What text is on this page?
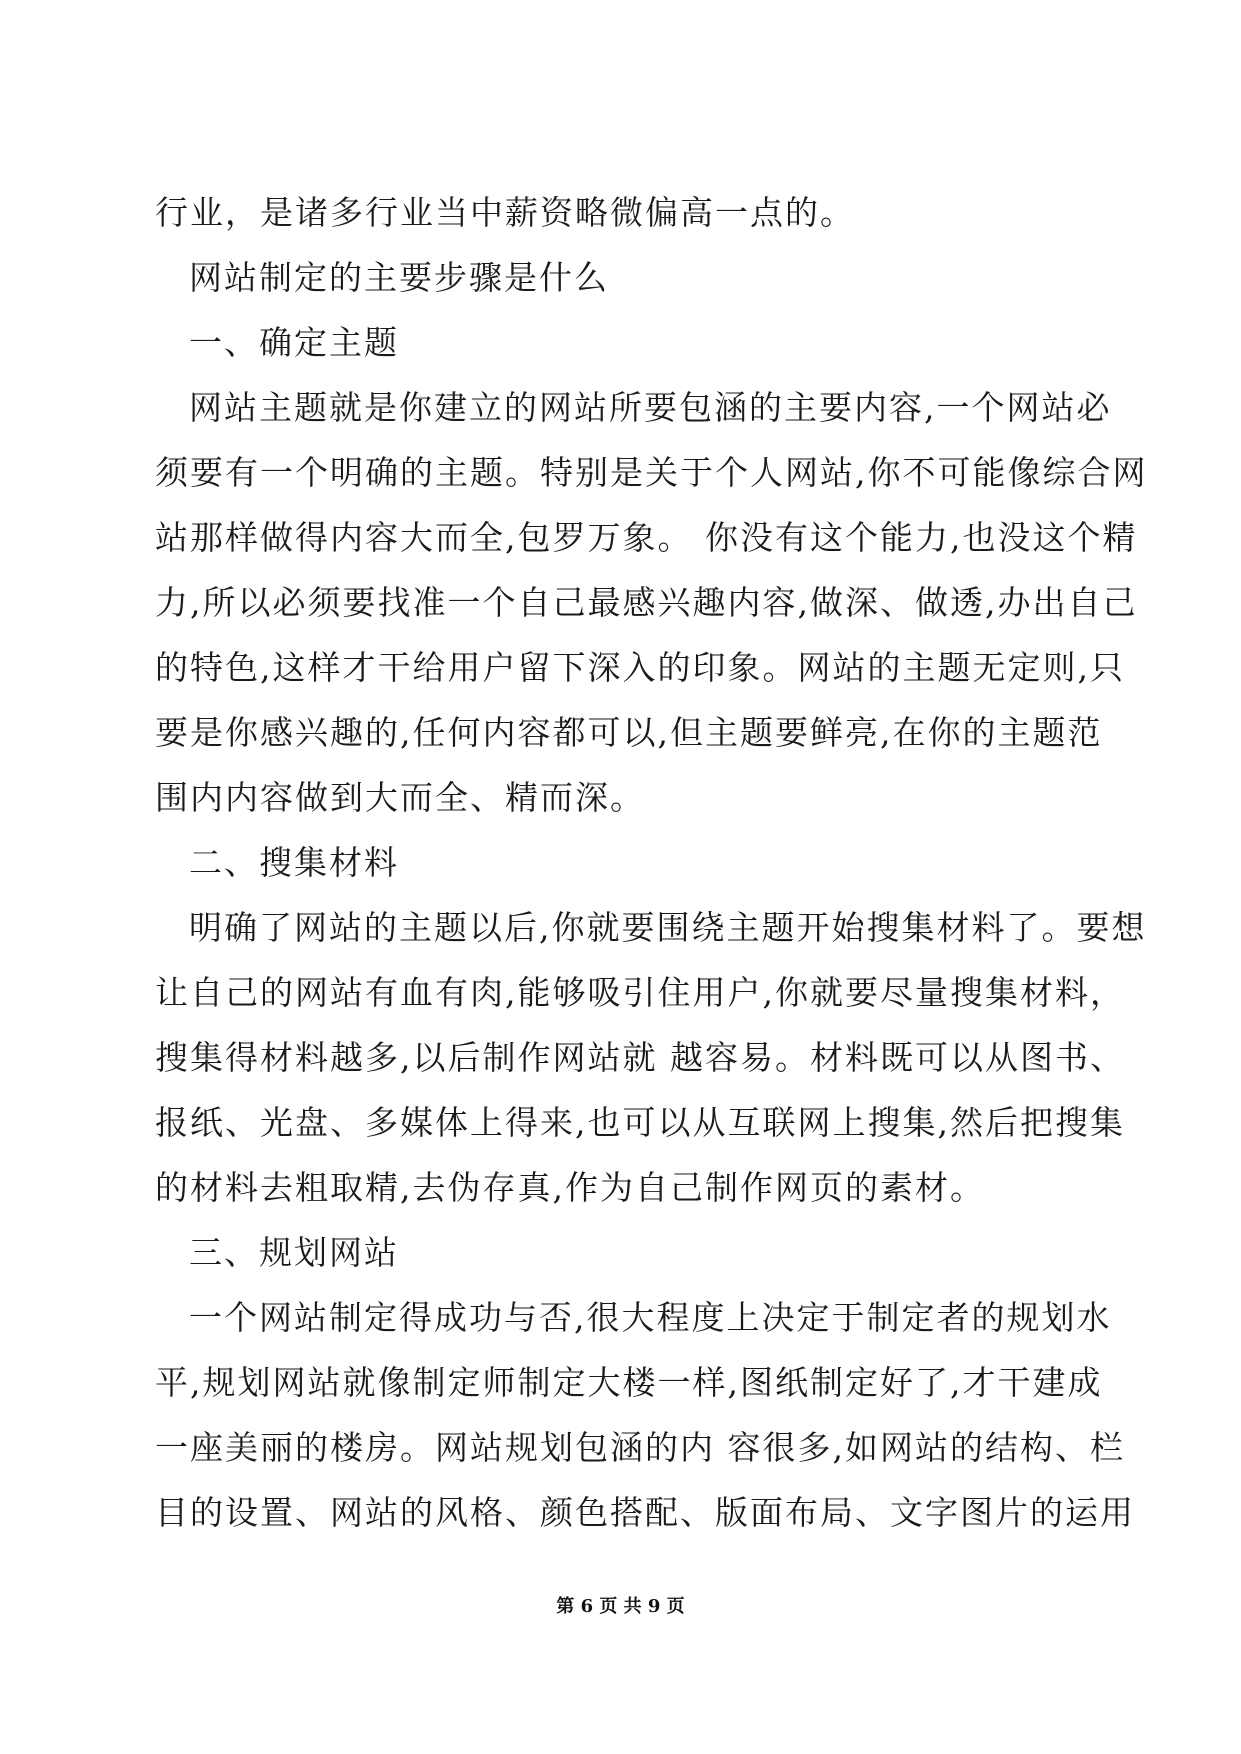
行业，是诸多行业当中薪资略微偏高一点的。
网站制定的主要步骤是什么
一、确定主题
网站主题就是你建立的网站所要包涵的主要内容,一个网站必
须要有一个明确的主题。特别是关于个人网站,你不可能像综合网
站那样做得内容大而全,包罗万象。 你没有这个能力,也没这个精
力,所以必须要找准一个自己最感兴趣内容,做深、做透,办出自己
的特色,这样才干给用户留下深入的印象。网站的主题无定则,只
要是你感兴趣的,任何内容都可以,但主题要鲜亮,在你的主题范
围内内容做到大而全、精而深。
二、搜集材料
明确了网站的主题以后,你就要围绕主题开始搜集材料了。要想
让自己的网站有血有肉,能够吸引住用户,你就要尽量搜集材料，
搜集得材料越多,以后制作网站就 越容易。材料既可以从图书、
报纸、光盘、多媒体上得来,也可以从互联网上搜集,然后把搜集
的材料去粗取精,去伪存真,作为自己制作网页的素材。
三、规划网站
一个网站制定得成功与否,很大程度上决定于制定者的规划水
平,规划网站就像制定师制定大楼一样,图纸制定好了,才干建成
一座美丽的楼房。网站规划包涵的内 容很多,如网站的结构、栏
目的设置、网站的风格、颜色搭配、版面布局、文字图片的运用
第 6 页 共 9 页
